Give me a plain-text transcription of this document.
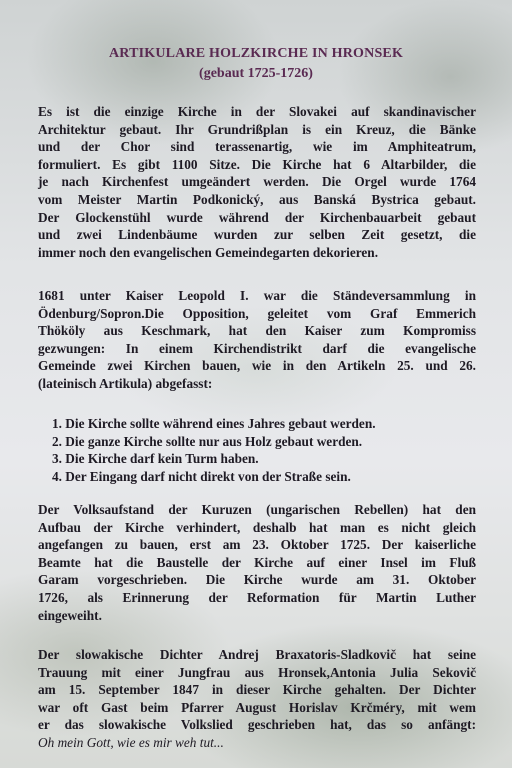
ARTIKULARE HOLZKIRCHE IN HRONSEK
(gebaut 1725-1726)
Es ist die einzige Kirche in der Slovakei auf skandinavischer
Architektur gebaut. Ihr Grundrißplan is ein Kreuz, die Bänke
und der Chor sind terassenartig, wie im Amphiteatrum,
formuliert. Es gibt 1100 Sitze. Die Kirche hat 6 Altarbilder, die
je nach Kirchenfest umgeändert werden. Die Orgel wurde 1764
vom Meister Martin Podkonický, aus Banská Bystrica gebaut.
Der Glockenstühl wurde während der Kirchenbauarbeit gebaut
und zwei Lindenbäume wurden zur selben Zeit gesetzt, die
immer noch den evangelischen Gemeindegarten dekorieren.
1681 unter Kaiser Leopold I. war die Ständeversammlung in
Ödenburg/Sopron.Die Opposition, geleitet vom Graf Emmerich
Thököly aus Keschmark, hat den Kaiser zum Kompromiss
gezwungen: In einem Kirchendistrikt darf die evangelische
Gemeinde zwei Kirchen bauen, wie in den Artikeln 25. und 26.
(lateinisch Artikula) abgefasst:
1. Die Kirche sollte während eines Jahres gebaut werden.
2. Die ganze Kirche sollte nur aus Holz gebaut werden.
3. Die Kirche darf kein Turm haben.
4. Der Eingang darf nicht direkt von der Straße sein.
Der Volksaufstand der Kuruzen (ungarischen Rebellen) hat den
Aufbau der Kirche verhindert, deshalb hat man es nicht gleich
angefangen zu bauen, erst am 23. Oktober 1725. Der kaiserliche
Beamte hat die Baustelle der Kirche auf einer Insel im Fluß
Garam vorgeschrieben. Die Kirche wurde am 31. Oktober
1726, als Erinnerung der Reformation für Martin Luther
eingeweiht.
Der slowakische Dichter Andrej Braxatoris-Sladkovič hat seine
Trauung mit einer Jungfrau aus Hronsek,Antonia Julia Sekovič
am 15. September 1847 in dieser Kirche gehalten. Der Dichter
war oft Gast beim Pfarrer August Horislav Krčméry, mit wem
er das slowakische Volkslied geschrieben hat, das so anfängt:
Oh mein Gott, wie es mir weh tut...
